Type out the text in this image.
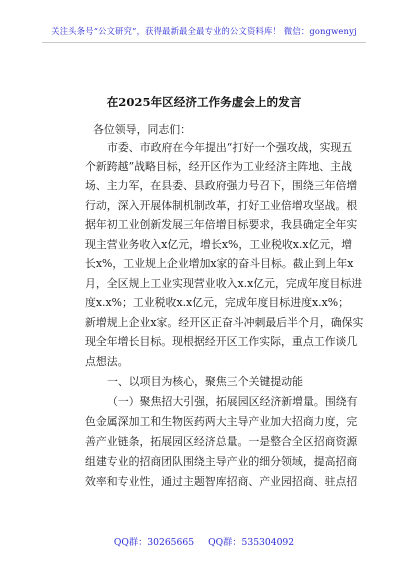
关注头条号“公文研究”，获得最新最全最专业的公文资料库！ 微信：gongwenyj
在2025年区经济工作务虚会上的发言
各位领导，同志们：
市委、市政府在今年提出“打好一个强攻战，实现五
个新跨越”战略目标，经开区作为工业经济主阵地、主战
场、主力军，在县委、县政府强力号召下，围绕三年倍增
行动，深入开展体制机制改革，打好工业倍增攻坚战。根
据年初工业创新发展三年倍增目标要求，我县确定全年实
现主营业务收入x亿元，增长x%，工业税收x.x亿元，增
长x%，工业规上企业增加x家的奋斗目标。截止到上年x
月，全区规上工业实现营业收入x.x亿元，完成年度目标进
度x.x%；工业税收x.x亿元，完成年度目标进度x.x%；
新增规上企业x家。经开区正奋斗冲刺最后半个月，确保实
现全年增长目标。现根据经开区工作实际，重点工作谈几
点想法。
一、以项目为核心，聚焦三个关键提动能
（一）聚焦招大引强，拓展园区经济新增量。围绕有
色金属深加工和生物医药两大主导产业加大招商力度，完
善产业链条，拓展园区经济总量。一是整合全区招商资源
组建专业的招商团队围绕主导产业的细分领域，提高招商
效率和专业性，通过主题智库招商、产业园招商、驻点招
QQ群：30265665 QQ群：535304092
